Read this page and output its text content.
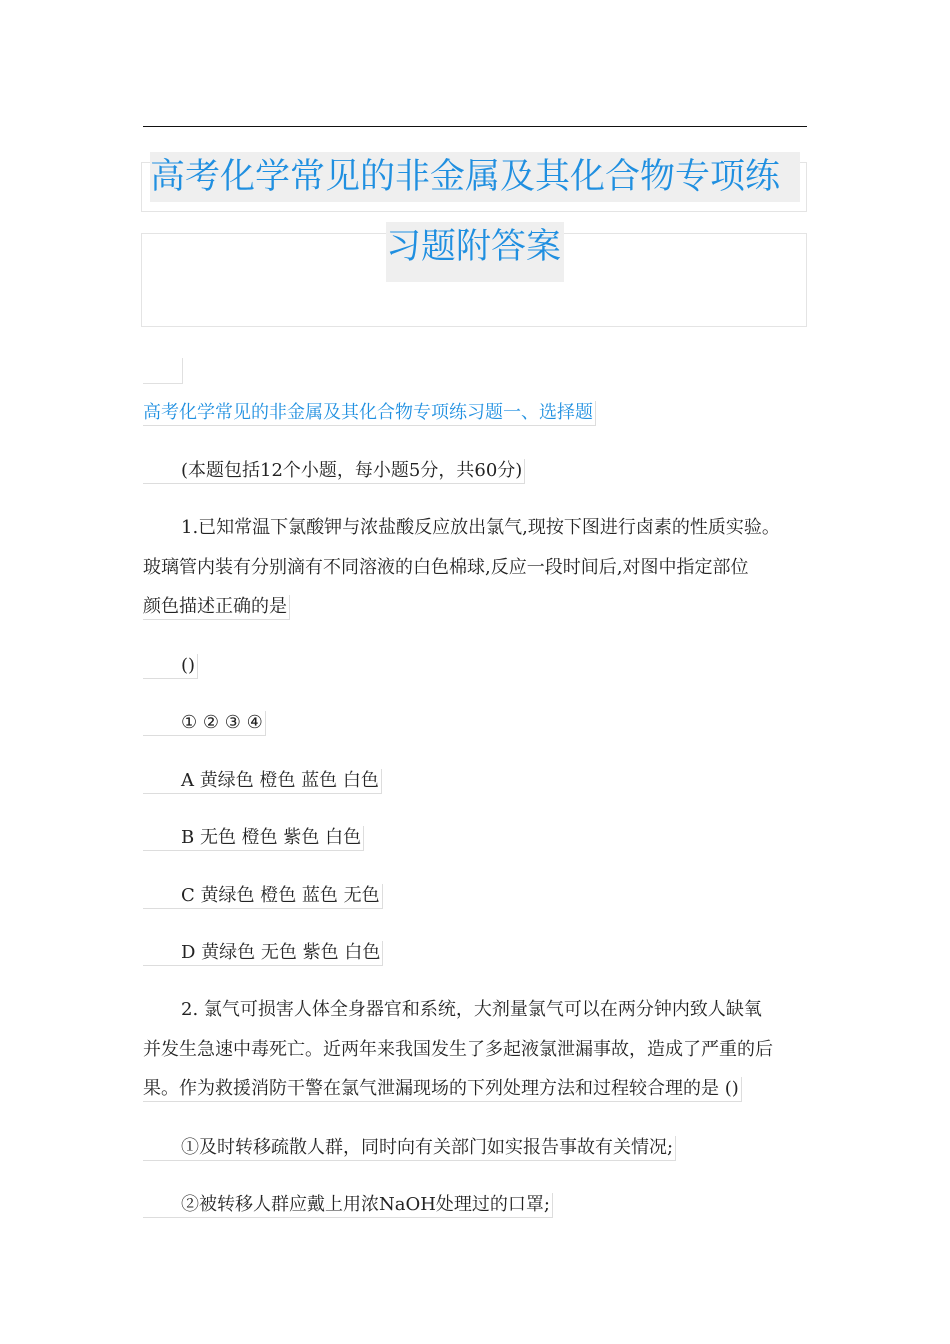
高考化学常见的非金属及其化合物专项练
习题附答案
高考化学常见的非金属及其化合物专项练习题一、选择题
(本题包括12个小题，每小题5分，共60分)
1.已知常温下氯酸钾与浓盐酸反应放出氯气,现按下图进行卤素的性质实验。
玻璃管内装有分别滴有不同溶液的白色棉球,反应一段时间后,对图中指定部位
颜色描述正确的是
()
① ② ③ ④
A 黄绿色 橙色 蓝色 白色
B 无色 橙色 紫色 白色
C 黄绿色 橙色 蓝色 无色
D 黄绿色 无色 紫色 白色
2. 氯气可损害人体全身器官和系统，大剂量氯气可以在两分钟内致人缺氧
并发生急速中毒死亡。近两年来我国发生了多起液氯泄漏事故，造成了严重的后
果。作为救援消防干警在氯气泄漏现场的下列处理方法和过程较合理的是 ()
①及时转移疏散人群，同时向有关部门如实报告事故有关情况;
②被转移人群应戴上用浓NaOH处理过的口罩;
